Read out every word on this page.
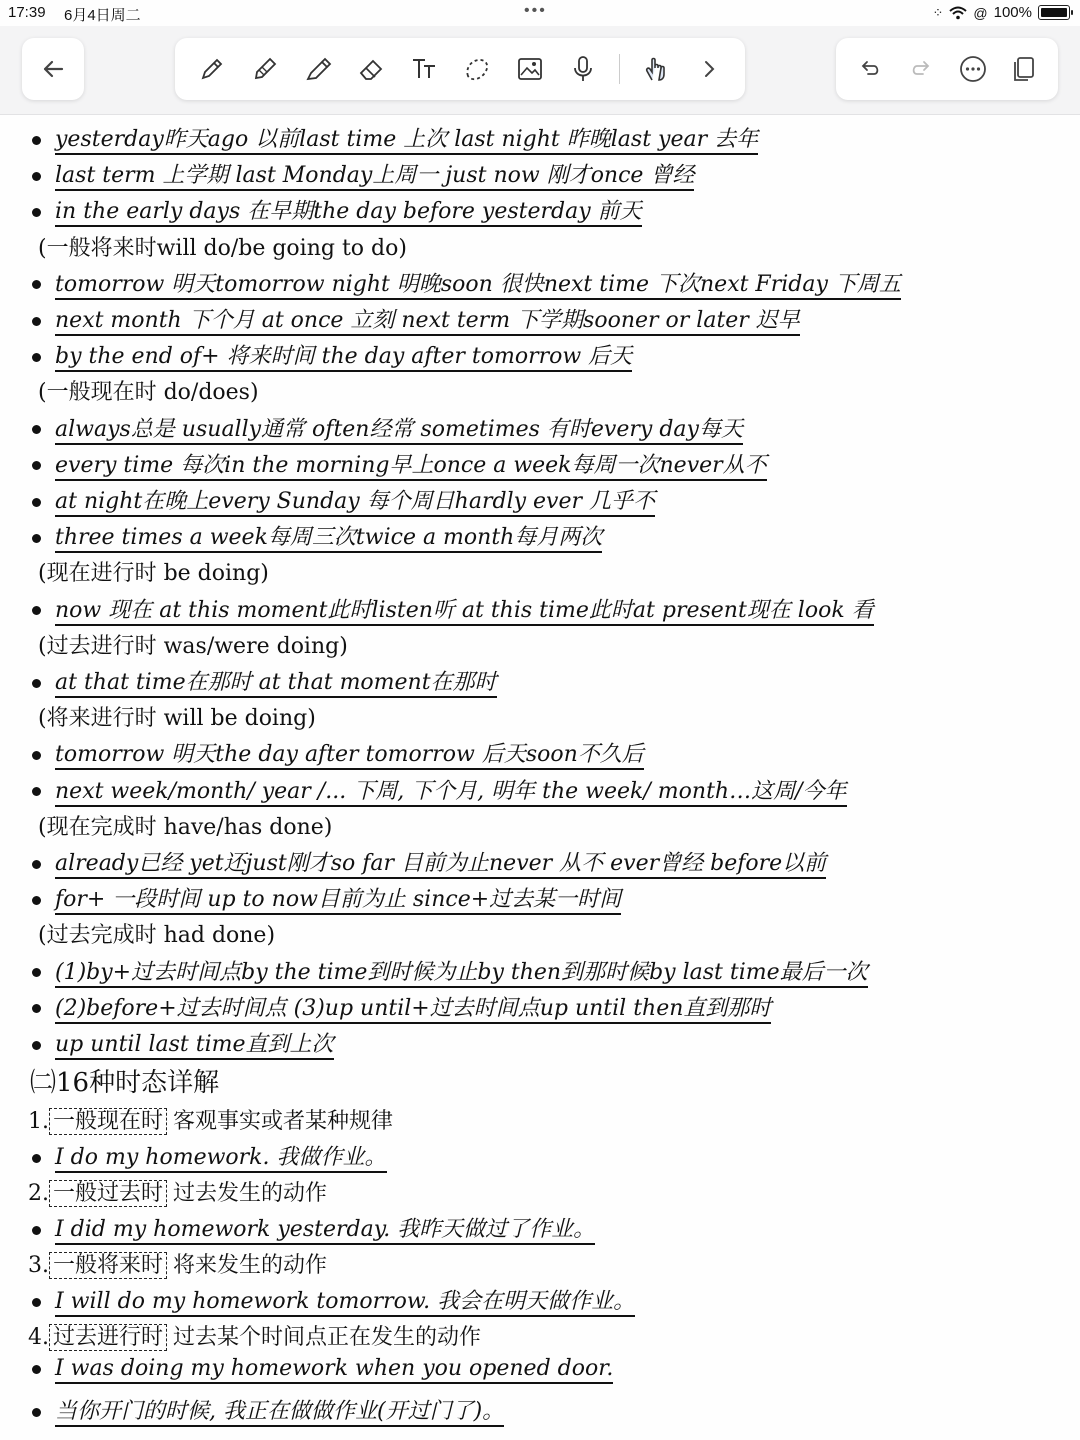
17:39 6月4日周二	•••	⁘ @ 100%
yesterday昨天ago 以前last time 上次 last night 昨晚last year 去年
last term 上学期 last Monday上周一 just now 刚才once 曾经
in the early days 在早期the day before yesterday 前天
(一般将来时will do/be going to do)
tomorrow 明天tomorrow night 明晚soon 很快next time 下次next Friday 下周五
next month 下个月 at once 立刻 next term 下学期sooner or later 迟早
by the end of+ 将来时间 the day after tomorrow 后天
(一般现在时 do/does)
always总是 usually通常 often经常 sometimes 有时every day每天
every time 每次in the morning早上once a week每周一次never从不
at night在晚上every Sunday 每个周日hardly ever 几乎不
three times a week每周三次twice a month每月两次
(现在进行时 be doing)
now 现在 at this moment此时listen听 at this time此时at present现在 look 看
(过去进行时 was/were doing)
at that time在那时 at that moment在那时
(将来进行时 will be doing)
tomorrow 明天the day after tomorrow 后天soon不久后
next week/month/ year /... 下周, 下个月, 明年 the week/ month…这周/今年
(现在完成时 have/has done)
already已经 yet还just刚才so far 目前为止never 从不 ever曾经 before以前
for+ 一段时间 up to now目前为止 since+过去某一时间
(过去完成时 had done)
(1)by+过去时间点by the time到时候为止by then到那时候by last time最后一次
(2)before+过去时间点 (3)up until+过去时间点up until then直到那时
up until last time直到上次
㈡16种时态详解
1. 一般现在时 客观事实或者某种规律
I do my homework. 我做作业。
2. 一般过去时 过去发生的动作
I did my homework yesterday. 我昨天做过了作业。
3. 一般将来时 将来发生的动作
I will do my homework tomorrow. 我会在明天做作业。
4. 过去进行时 过去某个时间点正在发生的动作
I was doing my homework when you opened door.
当你开门的时候, 我正在做做作业(开过门了)。
